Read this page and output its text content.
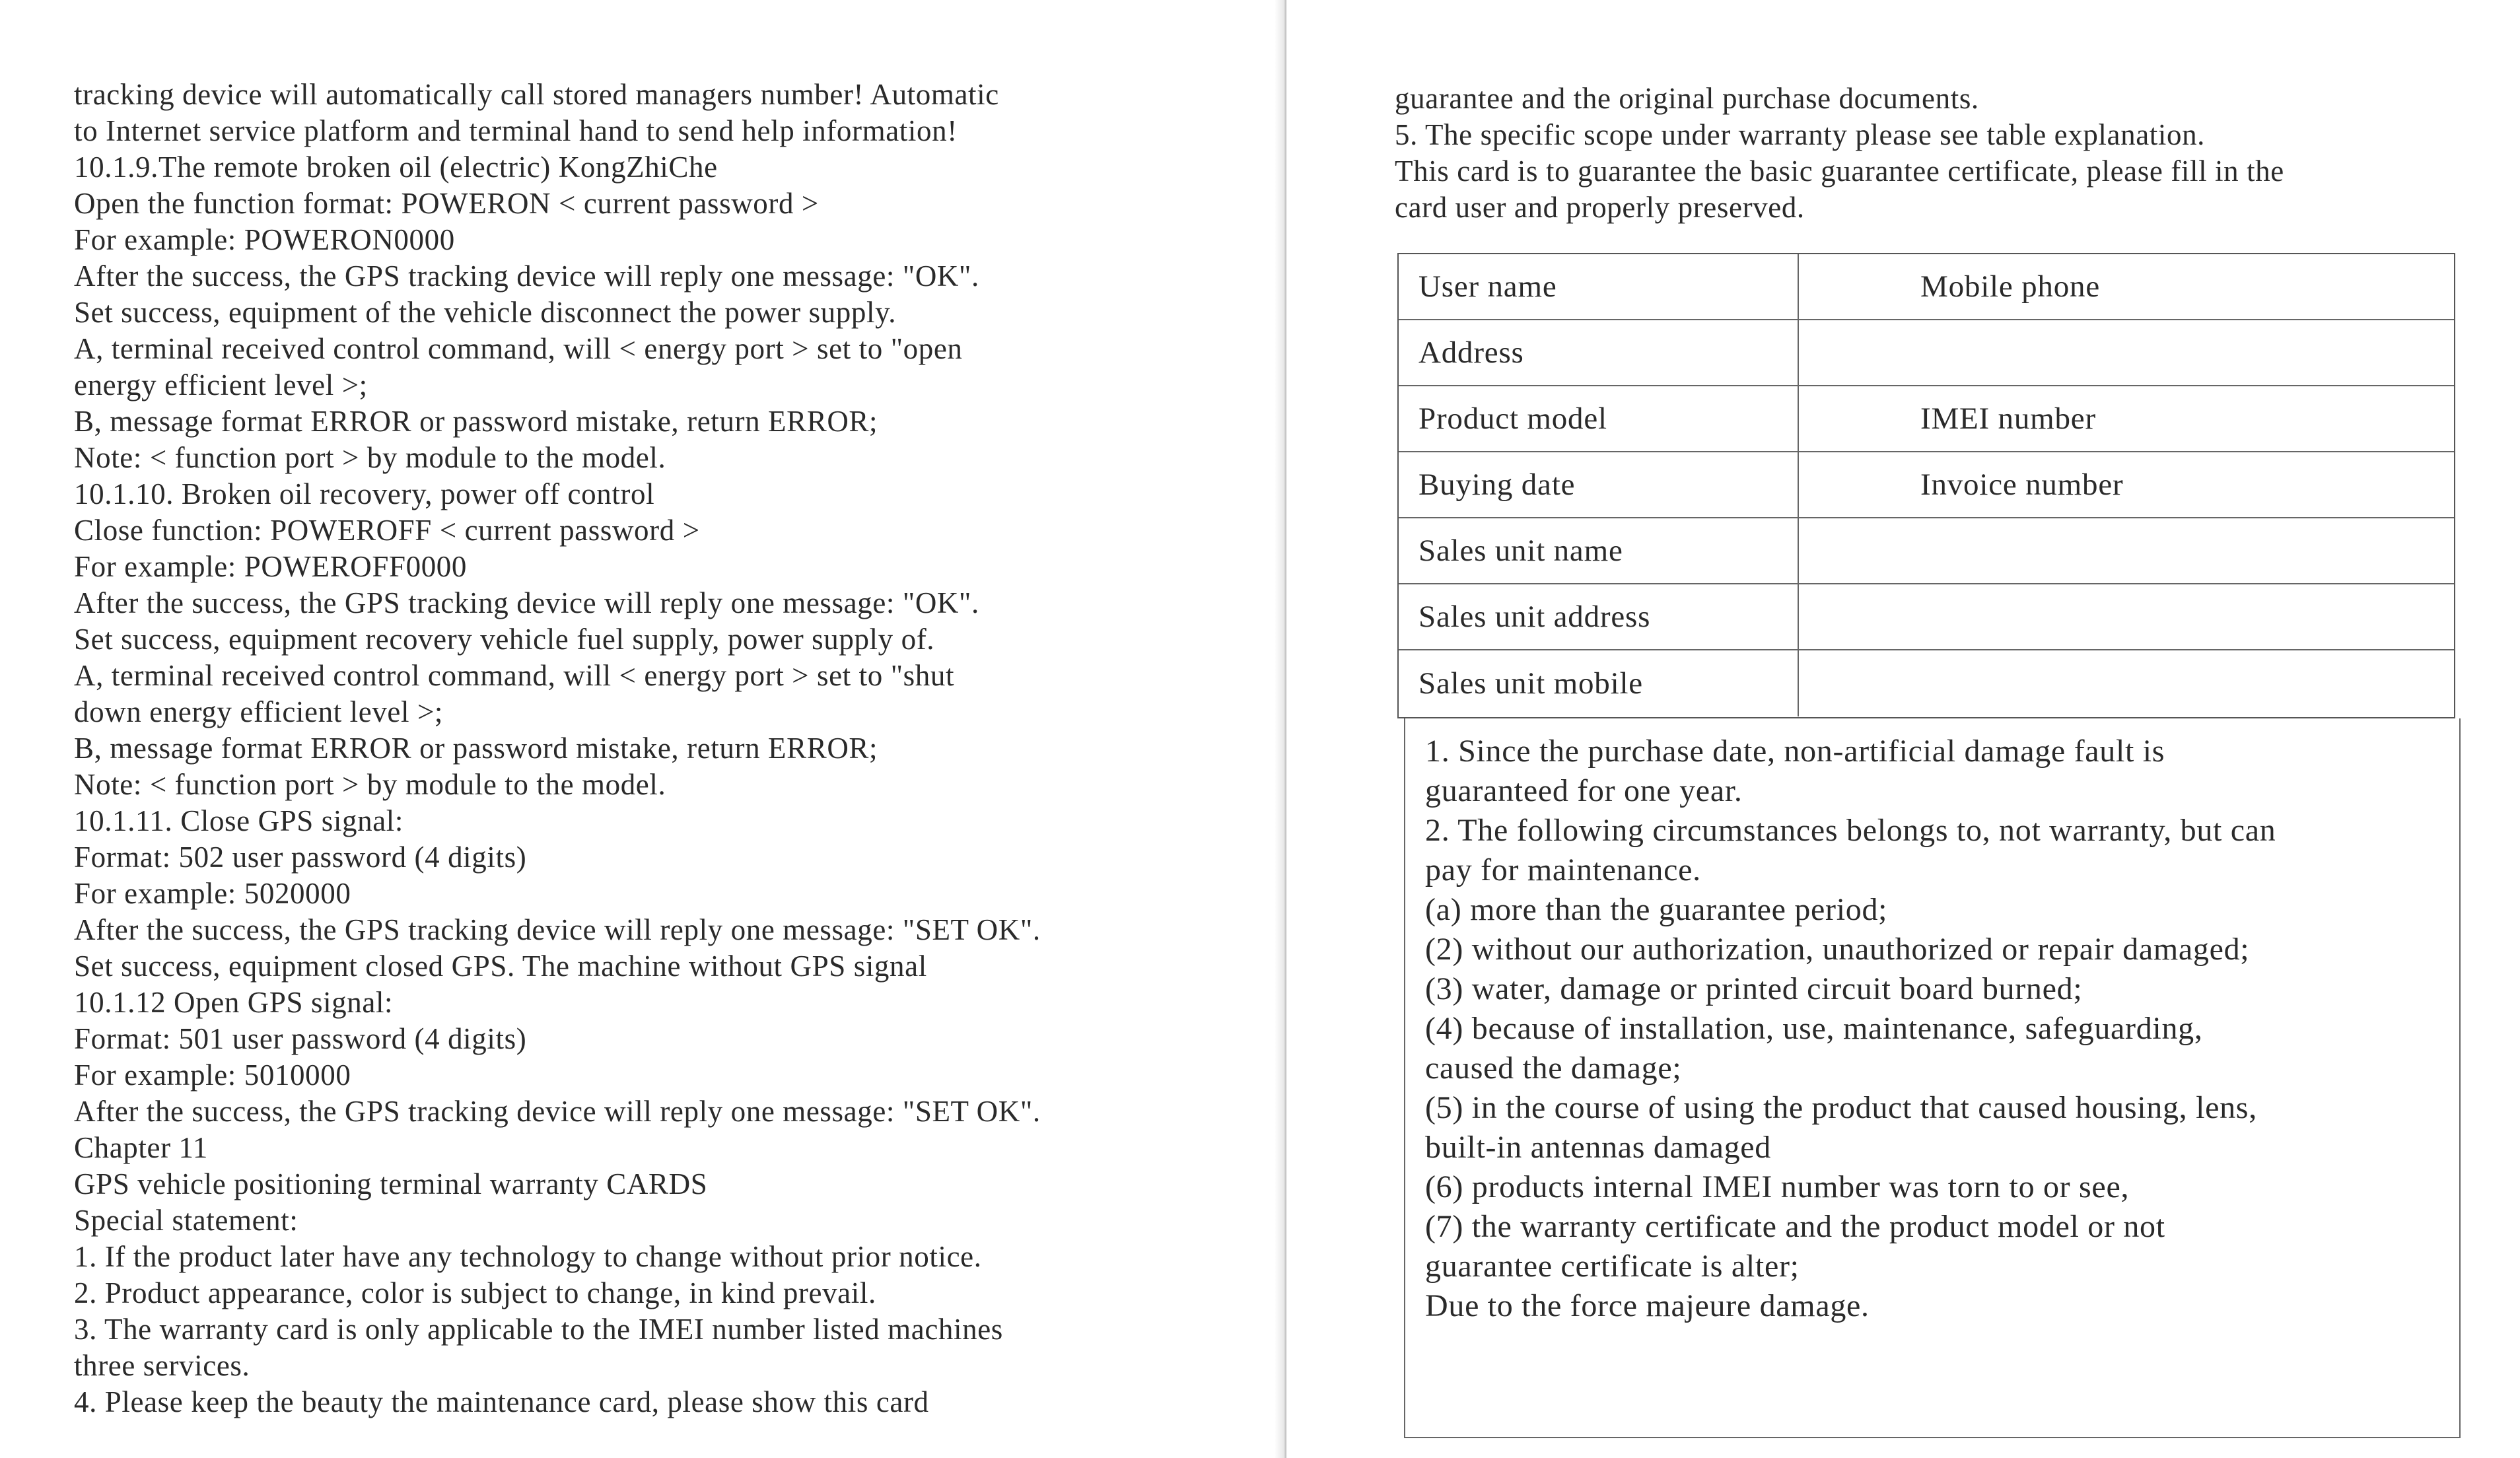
tracking device will automatically call stored managers number! Automatic
to Internet service platform and terminal hand to send help information!
10.1.9.The remote broken oil (electric) KongZhiChe
Open the function format: POWERON < current password >
For example: POWERON0000
After the success, the GPS tracking device will reply one message: "OK".
Set success, equipment of the vehicle disconnect the power supply.
A, terminal received control command, will < energy port > set to "open
energy efficient level >;
B, message format ERROR or password mistake, return ERROR;
Note: < function port > by module to the model.
10.1.10. Broken oil recovery, power off control
Close function: POWEROFF < current password >
For example: POWEROFF0000
After the success, the GPS tracking device will reply one message: "OK".
Set success, equipment recovery vehicle fuel supply, power supply of.
A, terminal received control command, will < energy port > set to "shut
down energy efficient level >;
B, message format ERROR or password mistake, return ERROR;
Note: < function port > by module to the model.
10.1.11. Close GPS signal:
Format: 502 user password (4 digits)
For example: 5020000
After the success, the GPS tracking device will reply one message: "SET OK".
Set success, equipment closed GPS. The machine without GPS signal
10.1.12 Open GPS signal:
Format: 501 user password (4 digits)
For example: 5010000
After the success, the GPS tracking device will reply one message: "SET OK".
Chapter 11
GPS vehicle positioning terminal warranty CARDS
Special statement:
1. If the product later have any technology to change without prior notice.
2. Product appearance, color is subject to change, in kind prevail.
3. The warranty card is only applicable to the IMEI number listed machines
three services.
4. Please keep the beauty the maintenance card, please show this card
guarantee and the original purchase documents.
5. The specific scope under warranty please see table explanation.
This card is to guarantee the basic guarantee certificate, please fill in the
card user and properly preserved.
User name	Mobile phone
Address
Product model	IMEI number
Buying date	Invoice number
Sales unit name
Sales unit address
Sales unit mobile
1. Since the purchase date, non-artificial damage fault is
guaranteed for one year.
2. The following circumstances belongs to, not warranty, but can
pay for maintenance.
(a) more than the guarantee period;
(2) without our authorization, unauthorized or repair damaged;
(3) water, damage or printed circuit board burned;
(4) because of installation, use, maintenance, safeguarding,
caused the damage;
(5) in the course of using the product that caused housing, lens,
built-in antennas damaged
(6) products internal IMEI number was torn to or see,
(7) the warranty certificate and the product model or not
guarantee certificate is alter;
Due to the force majeure damage.
